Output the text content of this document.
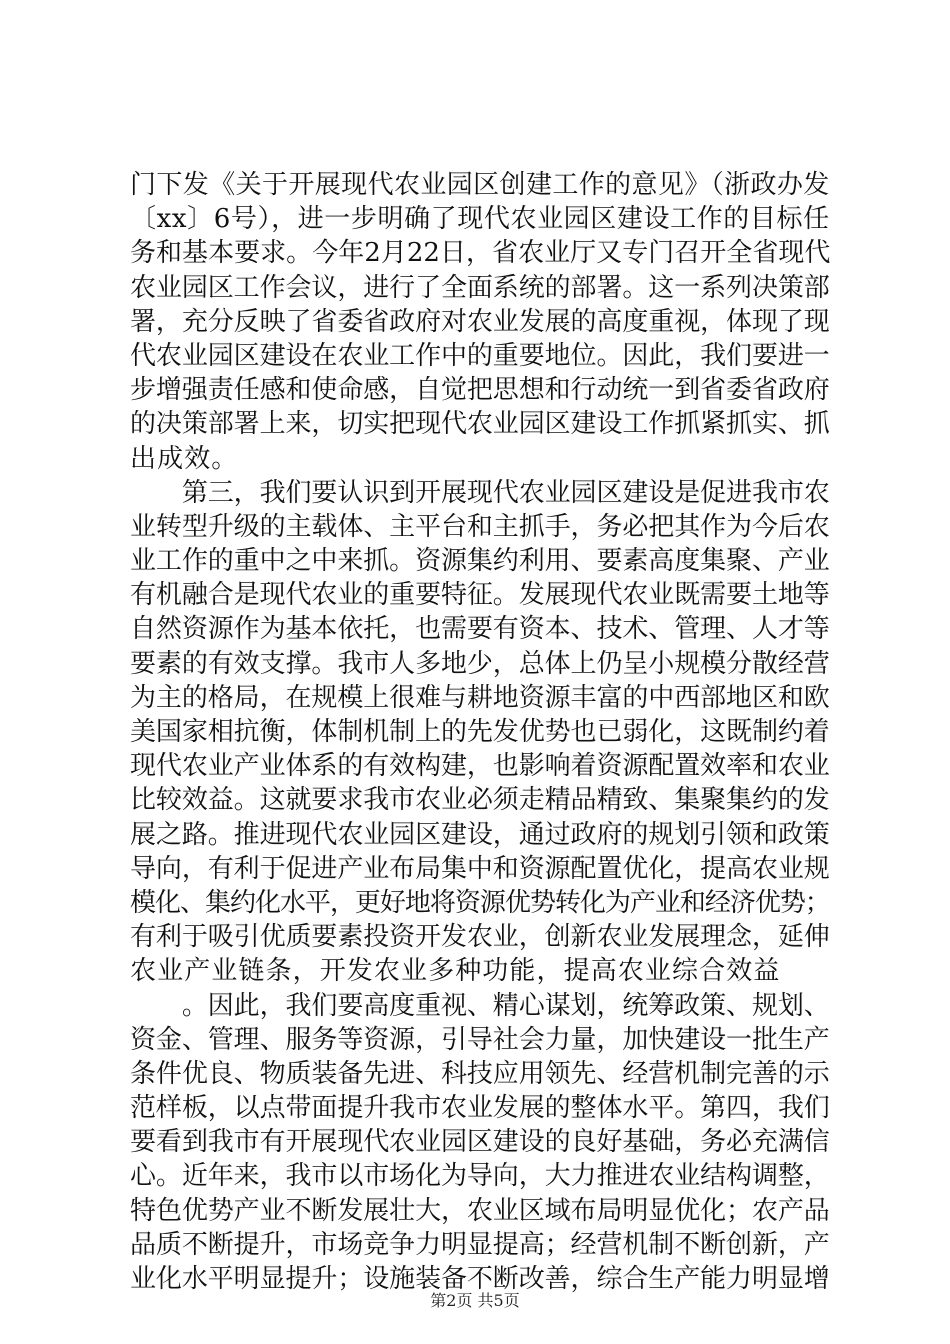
门下发《关于开展现代农业园区创建工作的意见》（浙政办发
〔xx〕6号），进一步明确了现代农业园区建设工作的目标任
务和基本要求。今年2月22日，省农业厅又专门召开全省现代
农业园区工作会议，进行了全面系统的部署。这一系列决策部
署，充分反映了省委省政府对农业发展的高度重视，体现了现
代农业园区建设在农业工作中的重要地位。因此，我们要进一
步增强责任感和使命感，自觉把思想和行动统一到省委省政府
的决策部署上来，切实把现代农业园区建设工作抓紧抓实、抓
出成效。
　　第三，我们要认识到开展现代农业园区建设是促进我市农
业转型升级的主载体、主平台和主抓手，务必把其作为今后农
业工作的重中之中来抓。资源集约利用、要素高度集聚、产业
有机融合是现代农业的重要特征。发展现代农业既需要土地等
自然资源作为基本依托，也需要有资本、技术、管理、人才等
要素的有效支撑。我市人多地少，总体上仍呈小规模分散经营
为主的格局，在规模上很难与耕地资源丰富的中西部地区和欧
美国家相抗衡，体制机制上的先发优势也已弱化，这既制约着
现代农业产业体系的有效构建，也影响着资源配置效率和农业
比较效益。这就要求我市农业必须走精品精致、集聚集约的发
展之路。推进现代农业园区建设，通过政府的规划引领和政策
导向，有利于促进产业布局集中和资源配置优化，提高农业规
模化、集约化水平，更好地将资源优势转化为产业和经济优势；
有利于吸引优质要素投资开发农业，创新农业发展理念，延伸
农业产业链条，开发农业多种功能，提高农业综合效益
　　。因此，我们要高度重视、精心谋划，统筹政策、规划、
资金、管理、服务等资源，引导社会力量，加快建设一批生产
条件优良、物质装备先进、科技应用领先、经营机制完善的示
范样板，以点带面提升我市农业发展的整体水平。第四，我们
要看到我市有开展现代农业园区建设的良好基础，务必充满信
心。近年来，我市以市场化为导向，大力推进农业结构调整，
特色优势产业不断发展壮大，农业区域布局明显优化；农产品
品质不断提升，市场竞争力明显提高；经营机制不断创新，产
业化水平明显提升；设施装备不断改善，综合生产能力明显增
第2页 共5页
